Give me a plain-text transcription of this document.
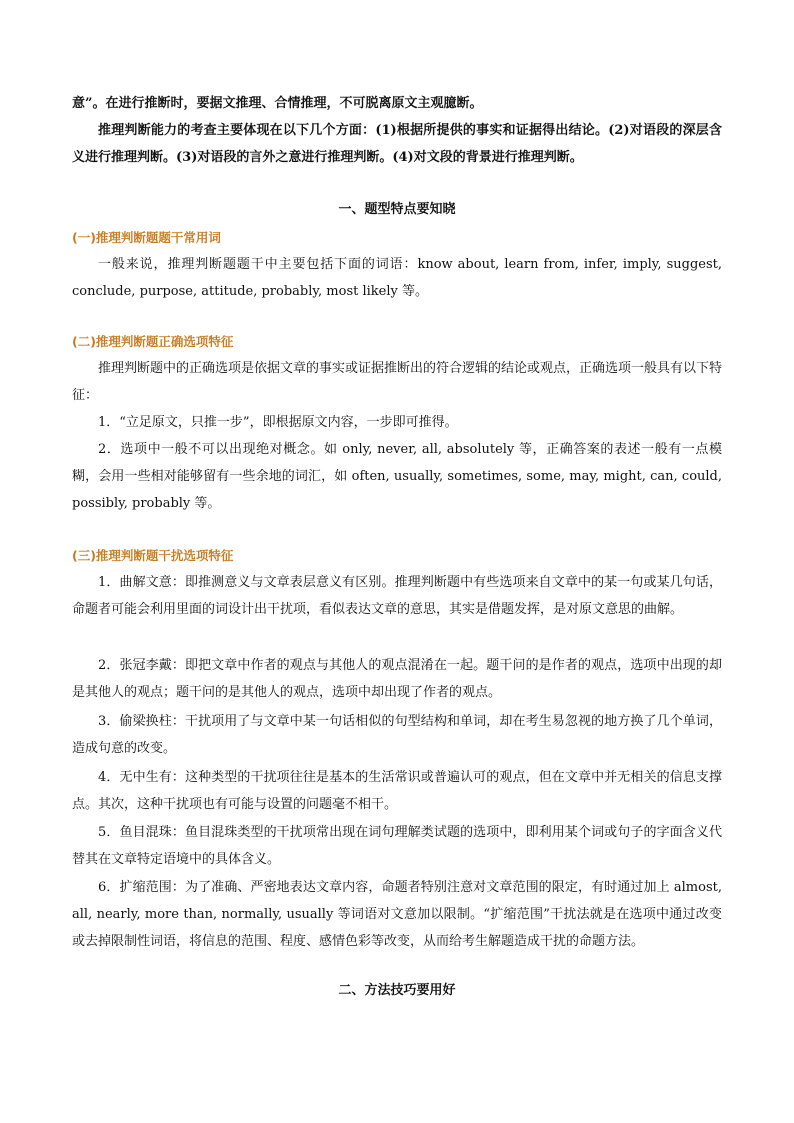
意”。在进行推断时，要据文推理、合情推理，不可脱离原文主观臆断。

推理判断能力的考查主要体现在以下几个方面：(1)根据所提供的事实和证据得出结论。(2)对语段的深层含义进行推理判断。(3)对语段的言外之意进行推理判断。(4)对文段的背景进行推理判断。

一、题型特点要知晓

(一)推理判断题题干常用词

一般来说，推理判断题题干中主要包括下面的词语：know about, learn from, infer, imply, suggest, conclude, purpose, attitude, probably, most likely 等。

(二)推理判断题正确选项特征

推理判断题中的正确选项是依据文章的事实或证据推断出的符合逻辑的结论或观点，正确选项一般具有以下特征：

1．“立足原文，只推一步”，即根据原文内容，一步即可推得。

2．选项中一般不可以出现绝对概念。如 only, never, all, absolutely 等，正确答案的表述一般有一点模糊，会用一些相对能够留有一些余地的词汇，如 often, usually, sometimes, some, may, might, can, could, possibly, probably 等。

(三)推理判断题干扰选项特征

1．曲解文意：即推测意义与文章表层意义有区别。推理判断题中有些选项来自文章中的某一句或某几句话，命题者可能会利用里面的词设计出干扰项，看似表达文章的意思，其实是借题发挥，是对原文意思的曲解。

2．张冠李戴：即把文章中作者的观点与其他人的观点混淆在一起。题干问的是作者的观点，选项中出现的却是其他人的观点；题干问的是其他人的观点，选项中却出现了作者的观点。

3．偷梁换柱：干扰项用了与文章中某一句话相似的句型结构和单词，却在考生易忽视的地方换了几个单词，造成句意的改变。

4．无中生有：这种类型的干扰项往往是基本的生活常识或普遍认可的观点，但在文章中并无相关的信息支撑点。其次，这种干扰项也有可能与设置的问题毫不相干。

5．鱼目混珠：鱼目混珠类型的干扰项常出现在词句理解类试题的选项中，即利用某个词或句子的字面含义代替其在文章特定语境中的具体含义。

6．扩缩范围：为了准确、严密地表达文章内容，命题者特别注意对文章范围的限定，有时通过加上 almost, all, nearly, more than, normally, usually 等词语对文意加以限制。“扩缩范围”干扰法就是在选项中通过改变或去掉限制性词语，将信息的范围、程度、感情色彩等改变，从而给考生解题造成干扰的命题方法。

二、方法技巧要用好
